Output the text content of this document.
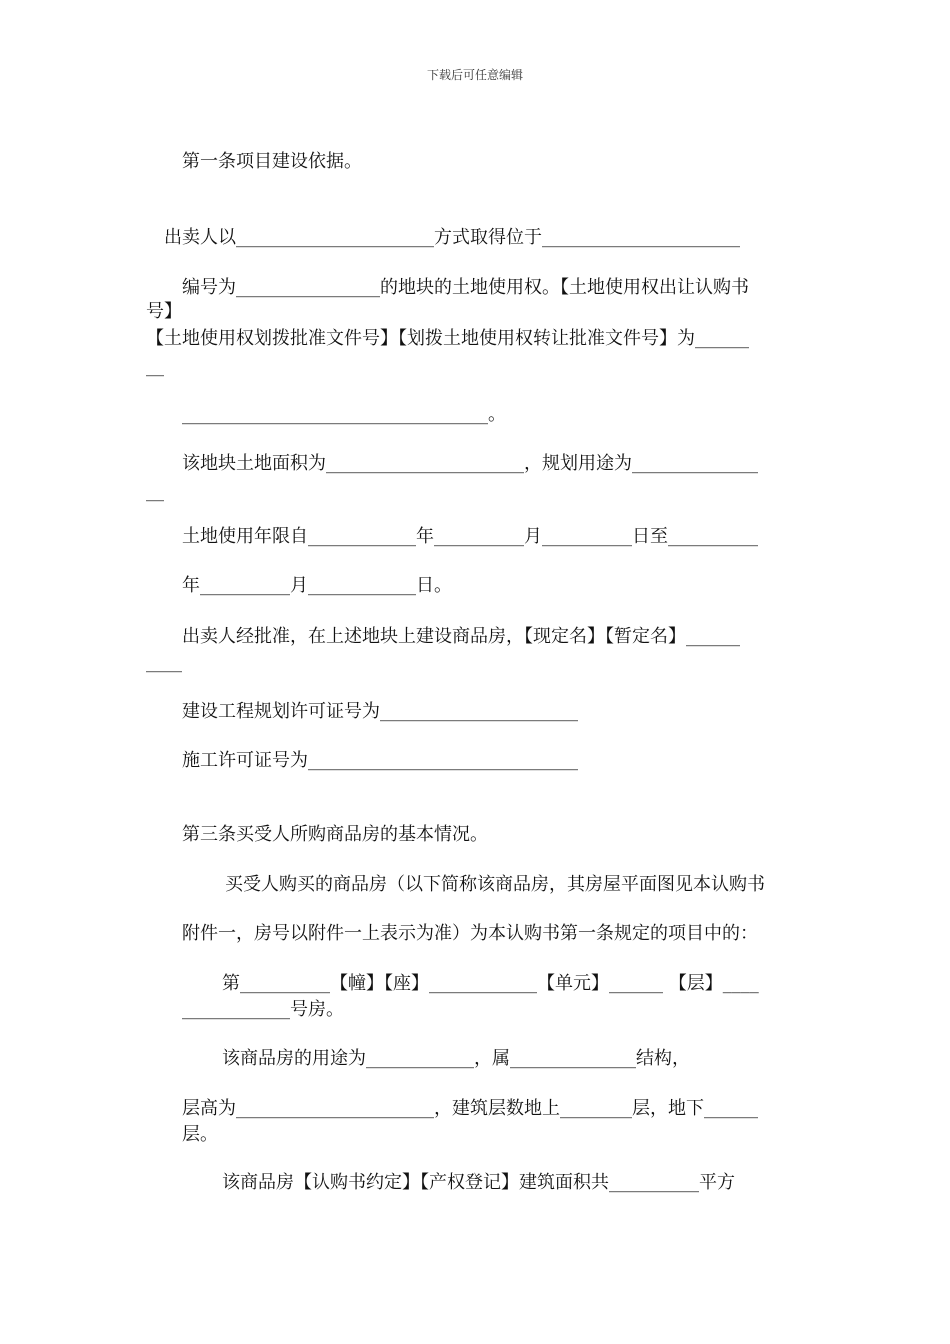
下载后可任意编辑
第一条项目建设依据。
出卖人以______________________方式取得位于______________________
编号为________________的地块的土地使用权。【土地使用权出让认购书
号】
【土地使用权划拨批准文件号】【划拨土地使用权转让批准文件号】为______
__
__________________________________。
该地块土地面积为______________________，规划用途为______________
__
土地使用年限自____________年__________月__________日至__________
年__________月____________日。
出卖人经批准，在上述地块上建设商品房，【现定名】【暂定名】______
____
建设工程规划许可证号为______________________
施工许可证号为______________________________
第三条买受人所购商品房的基本情况。
买受人购买的商品房（以下简称该商品房，其房屋平面图见本认购书
附件一，房号以附件一上表示为准）为本认购书第一条规定的项目中的：
第__________【幢】【座】____________【单元】______ 【层】____
____________号房。
该商品房的用途为____________，属______________结构，
层高为______________________，建筑层数地上________层，地下______
层。
该商品房【认购书约定】【产权登记】建筑面积共__________平方
